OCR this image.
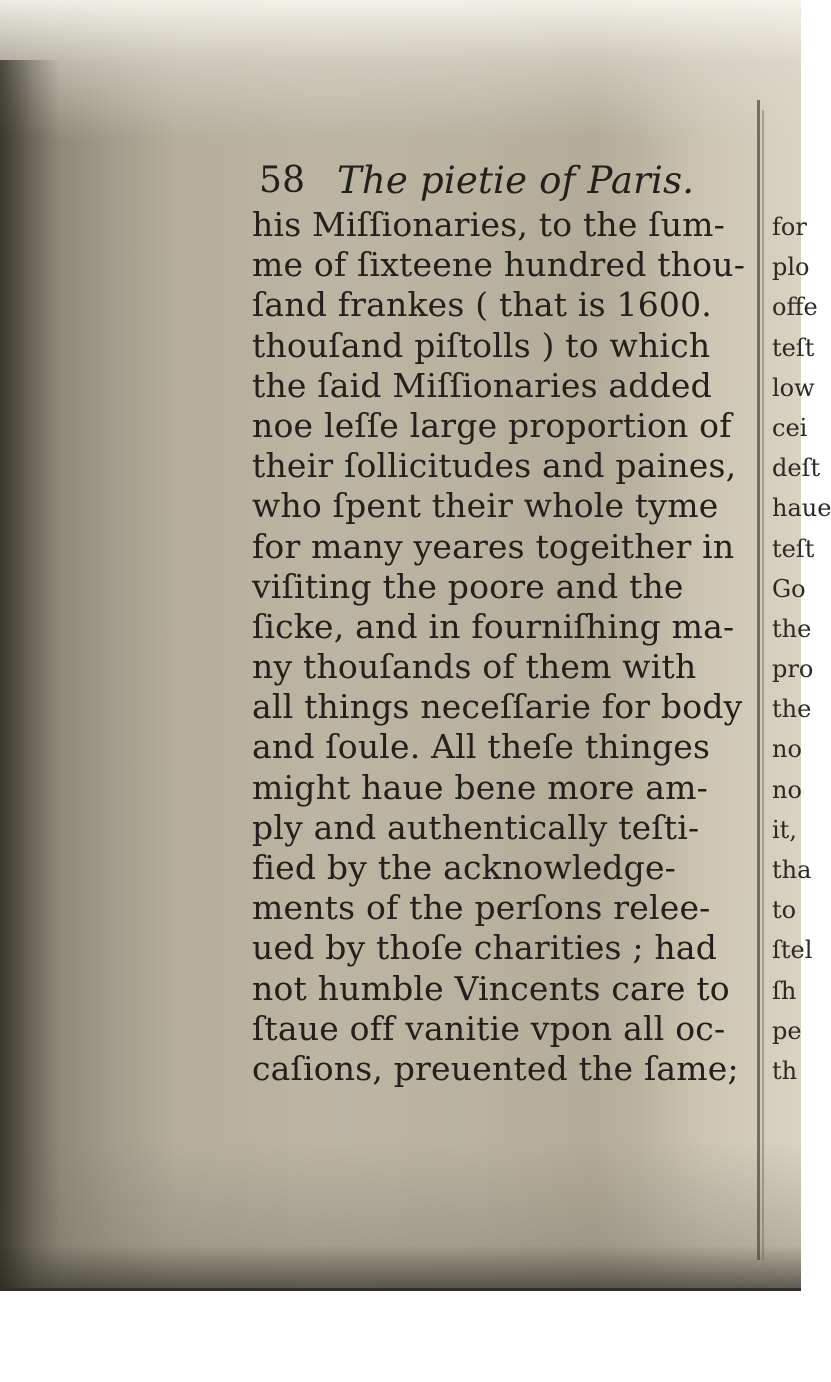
58 The pietie of Paris.
his Miſſionaries, to the ſum-
me of ſixteene hundred thou-
ſand frankes ( that is 1600.
thouſand piſtolls ) to which
the ſaid Miſſionaries added
noe leſſe large proportion of
their ſollicitudes and paines,
who ſpent their whole tyme
for many yeares togeither in
viſiting the poore and the
ſicke, and in fourniſhing ma-
ny thouſands of them with
all things neceſſarie for body
and ſoule. All theſe thinges
might haue bene more am-
ply and authentically teſti-
fied by the acknowledge-
ments of the perſons relee-
ued by thoſe charities ; had
not humble Vincents care to
ſtaue off vanitie vpon all oc-
caſions, preuented the ſame;
for
plo
offe
teſt
low
cei
deſt
haue
teſt
Go
the
pro
the
no
no
it,
tha
to
ſtel
ſh
pe
th
